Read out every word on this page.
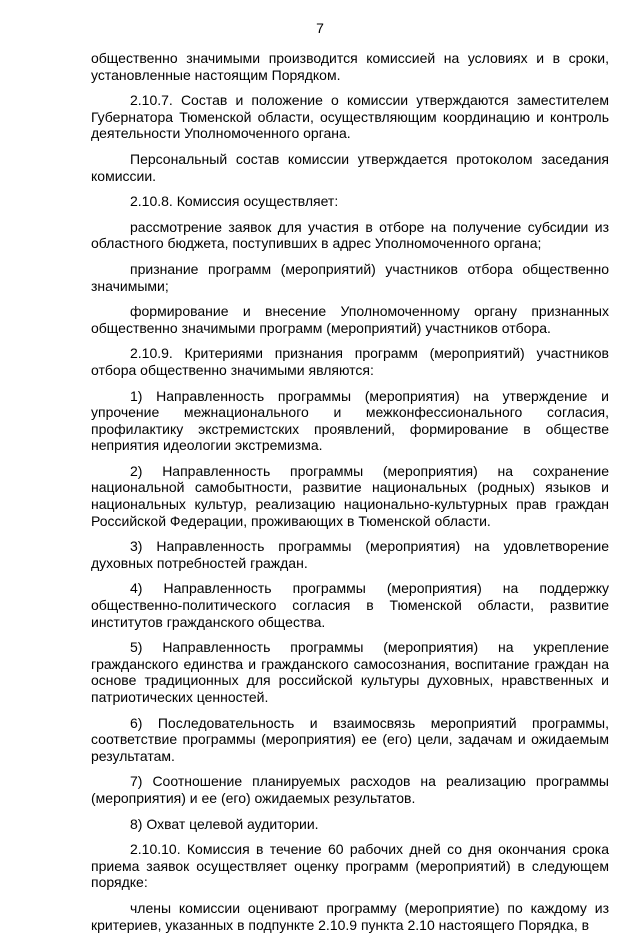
7

общественно значимыми производится комиссией на условиях и в сроки, установленные настоящим Порядком.

2.10.7. Состав и положение о комиссии утверждаются заместителем Губернатора Тюменской области, осуществляющим координацию и контроль деятельности Уполномоченного органа.

Персональный состав комиссии утверждается протоколом заседания комиссии.

2.10.8. Комиссия осуществляет:

рассмотрение заявок для участия в отборе на получение субсидии из областного бюджета, поступивших в адрес Уполномоченного органа;

признание программ (мероприятий) участников отбора общественно значимыми;

формирование и внесение Уполномоченному органу признанных общественно значимыми программ (мероприятий) участников отбора.

2.10.9. Критериями признания программ (мероприятий) участников отбора общественно значимыми являются:

1) Направленность программы (мероприятия) на утверждение и упрочение межнационального и межконфессионального согласия, профилактику экстремистских проявлений, формирование в обществе неприятия идеологии экстремизма.

2) Направленность программы (мероприятия) на сохранение национальной самобытности, развитие национальных (родных) языков и национальных культур, реализацию национально-культурных прав граждан Российской Федерации, проживающих в Тюменской области.

3) Направленность программы (мероприятия) на удовлетворение духовных потребностей граждан.

4) Направленность программы (мероприятия) на поддержку общественно-политического согласия в Тюменской области, развитие институтов гражданского общества.

5) Направленность программы (мероприятия) на укрепление гражданского единства и гражданского самосознания, воспитание граждан на основе традиционных для российской культуры духовных, нравственных и патриотических ценностей.

6) Последовательность и взаимосвязь мероприятий программы, соответствие программы (мероприятия) ее (его) цели, задачам и ожидаемым результатам.

7) Соотношение планируемых расходов на реализацию программы (мероприятия) и ее (его) ожидаемых результатов.

8) Охват целевой аудитории.

2.10.10. Комиссия в течение 60 рабочих дней со дня окончания срока приема заявок осуществляет оценку программ (мероприятий) в следующем порядке:

члены комиссии оценивают программу (мероприятие) по каждому из критериев, указанных в подпункте 2.10.9 пункта 2.10 настоящего Порядка, в
